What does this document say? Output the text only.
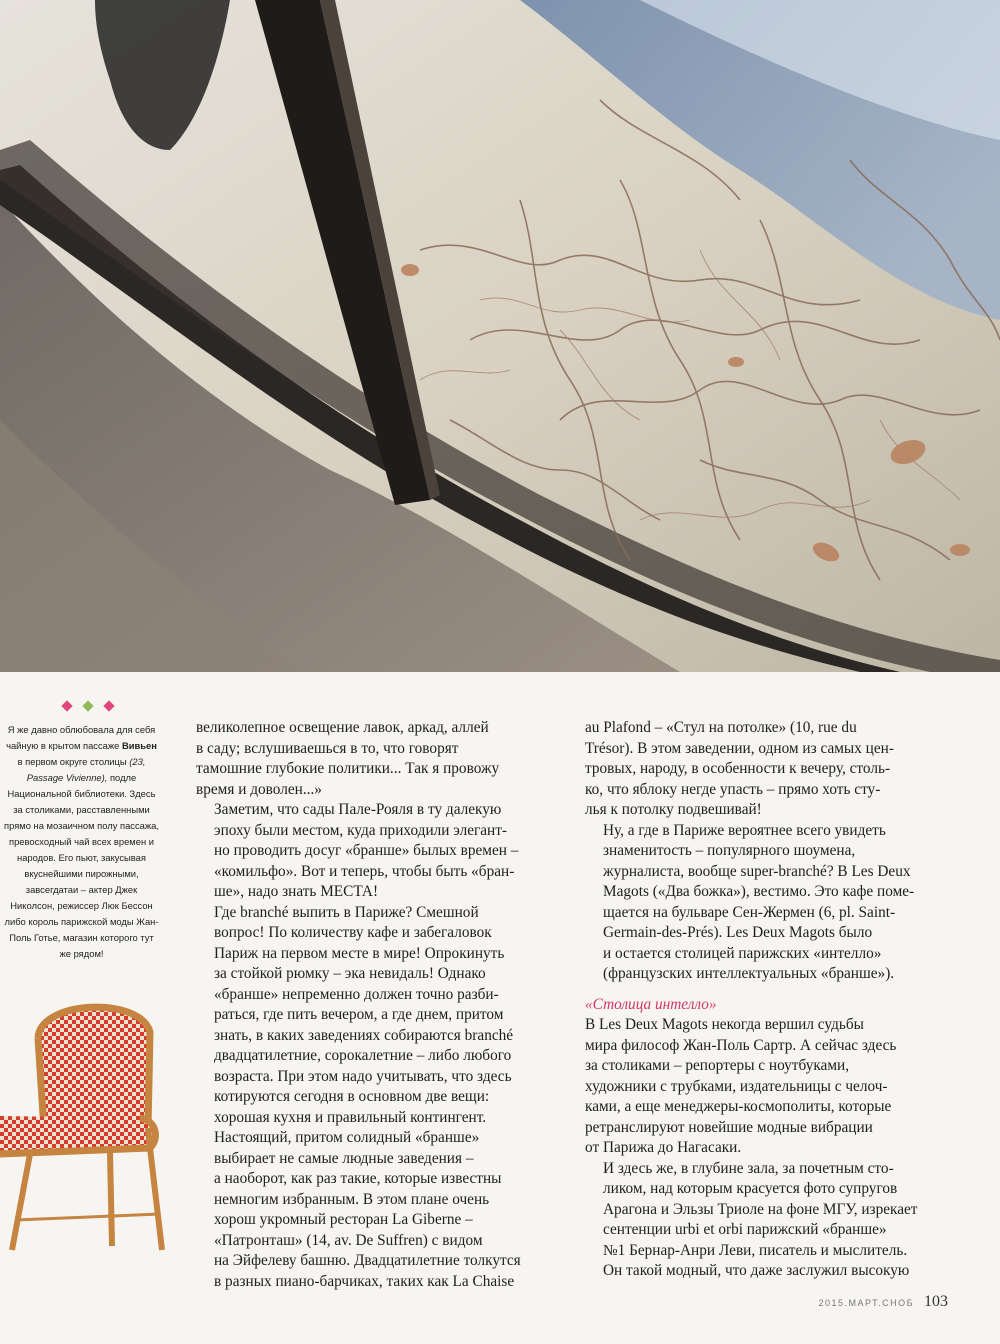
Я же давно облюбовала для себя чайную в крытом пассаже Вивьен в первом округе столицы (23, Passage Vivienne), подле Национальной библиотеки. Здесь за столиками, расставленными прямо на мозаичном полу пассажа, превосходный чай всех времен и народов. Его пьют, закусывая вкуснейшими пирожными, завсегдатаи – актер Джек Николсон, режиссер Люк Бессон либо король парижской моды Жан-Поль Готье, магазин которого тут же рядом!

великолепное освещение лавок, аркад, аллей
в саду; вслушиваешься в то, что говорят
тамошние глубокие политики... Так я провожу
время и доволен...»

Заметим, что сады Пале-Рояля в ту далекую
эпоху были местом, куда приходили элегант-
но проводить досуг «бранше» былых времен –
«комильфо». Вот и теперь, чтобы быть «бран-
ше», надо знать МЕСТА!

Где branché выпить в Париже? Смешной
вопрос! По количеству кафе и забегаловок
Париж на первом месте в мире! Опрокинуть
за стойкой рюмку – эка невидаль! Однако
«бранше» непременно должен точно разби-
раться, где пить вечером, а где днем, притом
знать, в каких заведениях собираются branché
двадцатилетние, сорокалетние – либо любого
возраста. При этом надо учитывать, что здесь
котируются сегодня в основном две вещи:
хорошая кухня и правильный контингент.
Настоящий, притом солидный «бранше»
выбирает не самые людные заведения –
а наоборот, как раз такие, которые известны
немногим избранным. В этом плане очень
хорош укромный ресторан La Giberne –
«Патронташ» (14, av. De Suffren) с видом
на Эйфелеву башню. Двадцатилетние толкутся
в разных пиано-барчиках, таких как La Chaise

au Plafond – «Стул на потолке» (10, rue du
Trésor). В этом заведении, одном из самых цен-
тровых, народу, в особенности к вечеру, столь-
ко, что яблоку негде упасть – прямо хоть сту-
лья к потолку подвешивай!

Ну, а где в Париже вероятнее всего увидеть
знаменитость – популярного шоумена,
журналиста, вообще super-branché? В Les Deux
Magots («Два божка»), вестимо. Это кафе поме-
щается на бульваре Сен-Жермен (6, pl. Saint-
Germain-des-Prés). Les Deux Magots было
и остается столицей парижских «интелло»
(французских интеллектуальных «бранше»).

«Столица интелло»

В Les Deux Magots некогда вершил судьбы
мира философ Жан-Поль Сартр. А сейчас здесь
за столиками – репортеры с ноутбуками,
художники с трубками, издательницы с челоч-
ками, а еще менеджеры-космополиты, которые
ретранслируют новейшие модные вибрации
от Парижа до Нагасаки.

И здесь же, в глубине зала, за почетным сто-
ликом, над которым красуется фото супругов
Арагона и Эльзы Триоле на фоне МГУ, изрекает
сентенции urbi et orbi парижский «бранше»
№1 Бернар-Анри Леви, писатель и мыслитель.
Он такой модный, что даже заслужил высокую

2015.МАРТ.СНОБ 103
